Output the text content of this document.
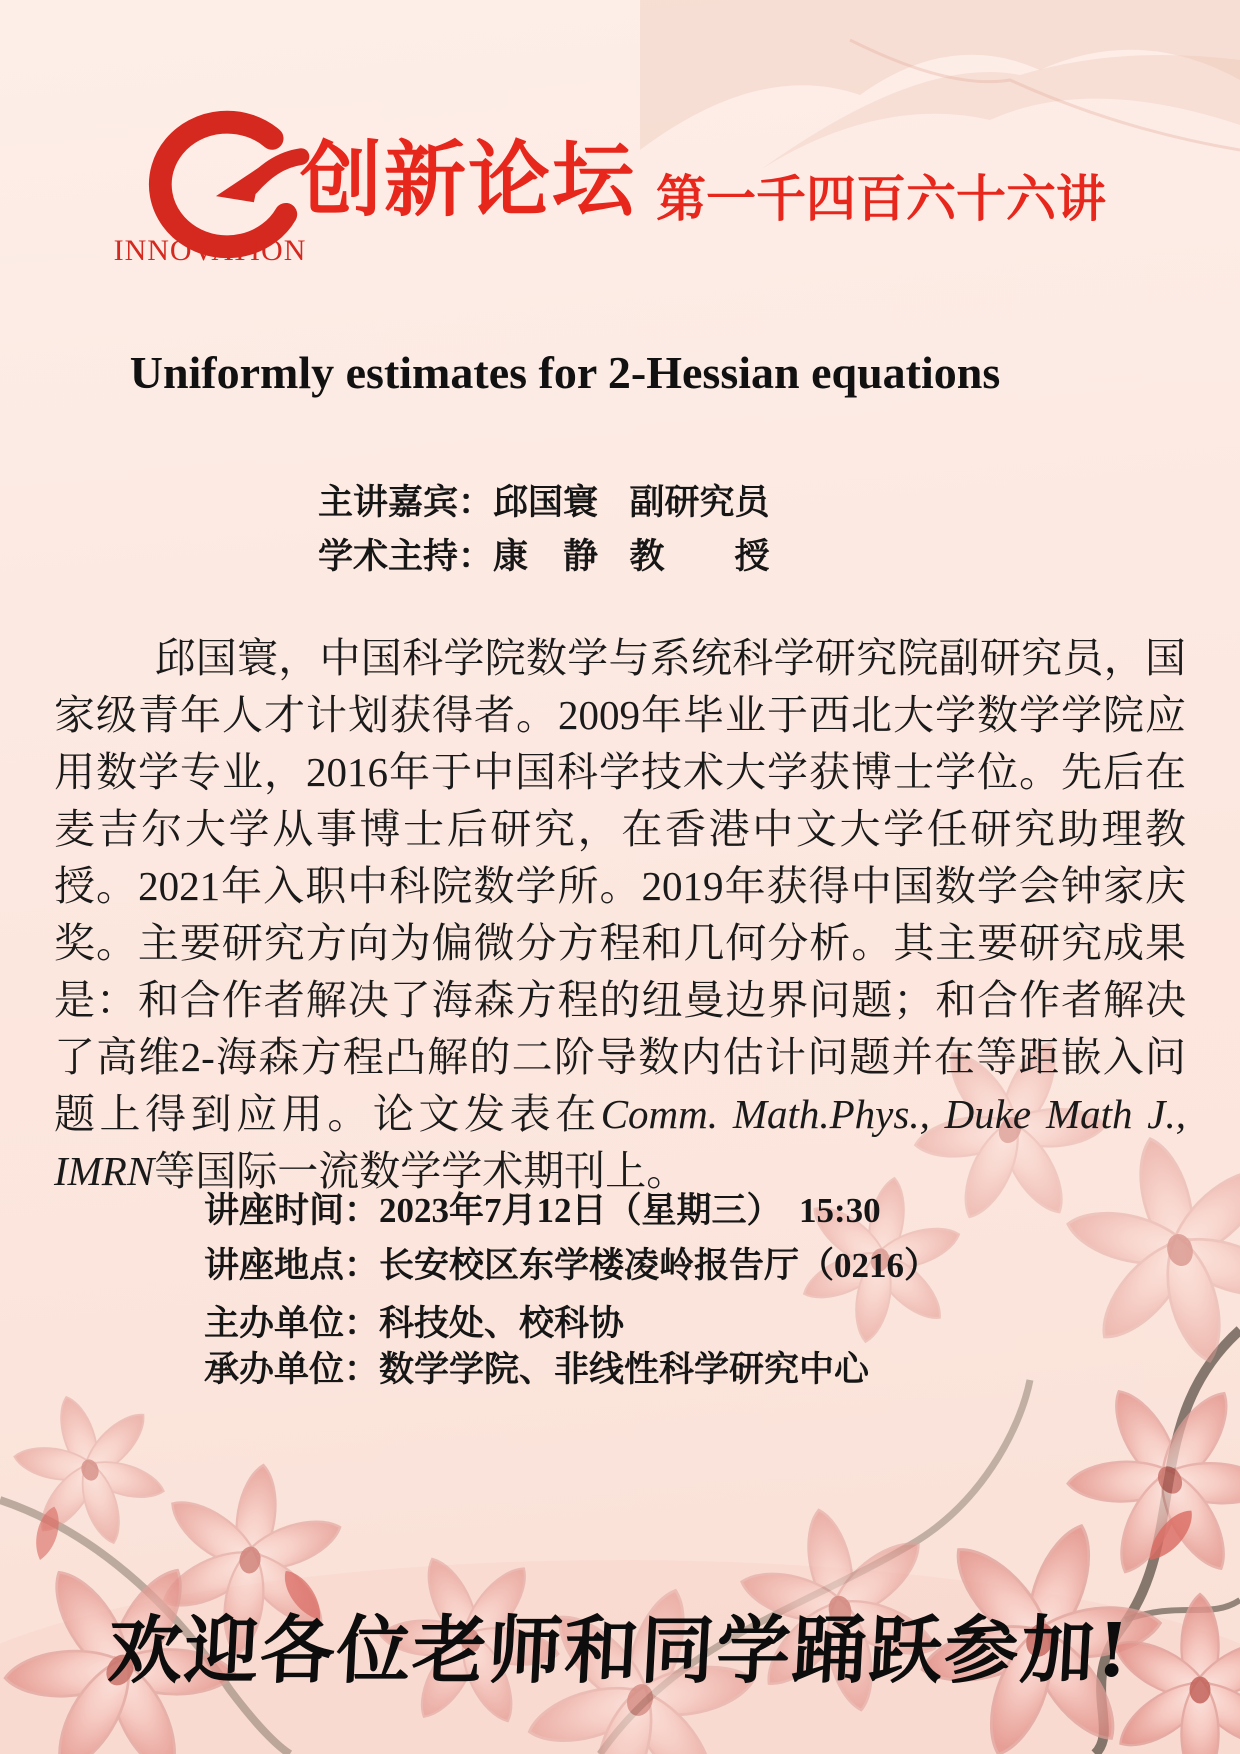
INNOVATION
创新论坛 第一千四百六十六讲
Uniformly estimates for 2-Hessian equations
主讲嘉宾：邱国寰 副研究员
学术主持：康　静 教　　授

邱国寰，中国科学院数学与系统科学研究院副研究员，国家级青年人才计划获得者。2009年毕业于西北大学数学学院应用数学专业，2016年于中国科学技术大学获博士学位。先后在麦吉尔大学从事博士后研究，在香港中文大学任研究助理教授。2021年入职中科院数学所。2019年获得中国数学会钟家庆奖。主要研究方向为偏微分方程和几何分析。其主要研究成果是：和合作者解决了海森方程的纽曼边界问题；和合作者解决了高维2-海森方程凸解的二阶导数内估计问题并在等距嵌入问题上得到应用。论文发表在Comm. Math.Phys., Duke Math J., IMRN等国际一流数学学术期刊上。

讲座时间：2023年7月12日（星期三）　15:30
讲座地点：长安校区东学楼凌岭报告厅（0216）
主办单位：科技处、校科协
承办单位：数学学院、非线性科学研究中心
欢迎各位老师和同学踊跃参加!
